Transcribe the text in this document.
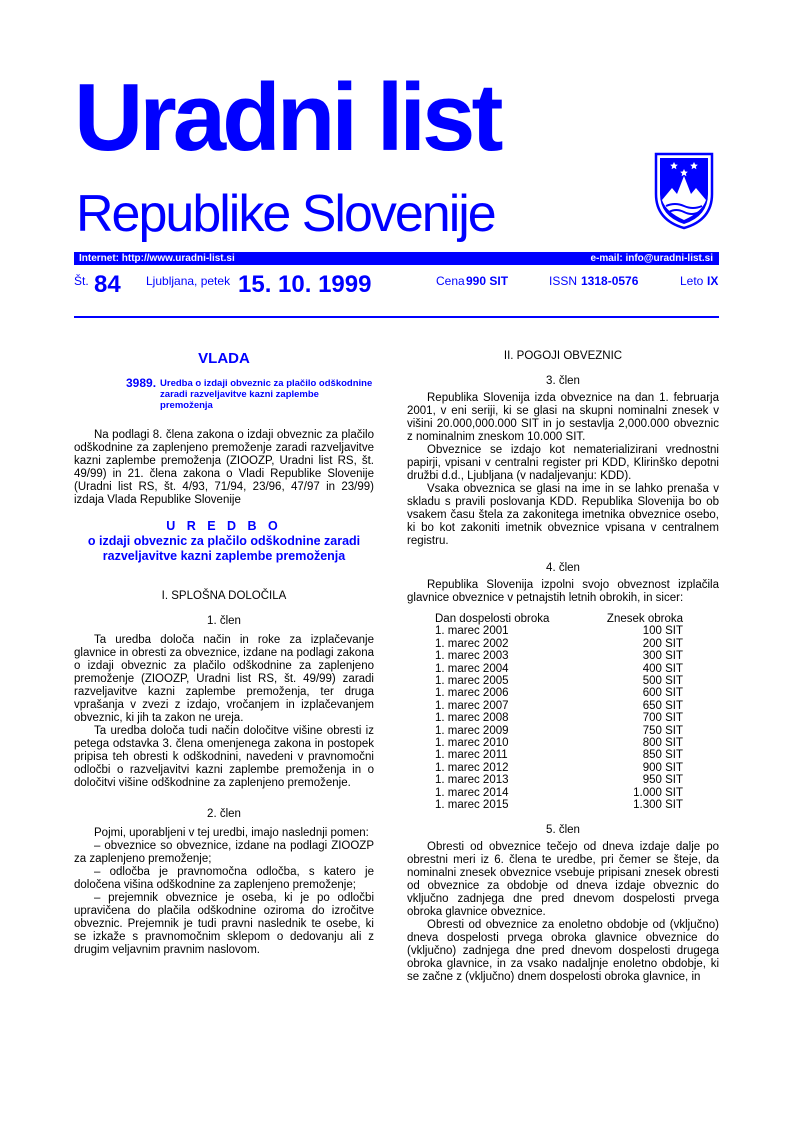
Uradni list
Republike Slovenije
Internet: http://www.uradni-list.si	e-mail: info@uradni-list.si
Št. 84 Ljubljana, petek 15. 10. 1999	Cena 990 SIT	ISSN 1318-0576	Leto IX

VLADA

3989. Uredba o izdaji obveznic za plačilo odškodnine zaradi razveljavitve kazni zaplembe premoženja

Na podlagi 8. člena zakona o izdaji obveznic za plačilo odškodnine za zaplenjeno premoženje zaradi razveljavitve kazni zaplembe premoženja (ZIOOZP, Uradni list RS, št. 49/99) in 21. člena zakona o Vladi Republike Slovenije (Uradni list RS, št. 4/93, 71/94, 23/96, 47/97 in 23/99) izdaja Vlada Republike Slovenije

U R E D B O

o izdaji obveznic za plačilo odškodnine zaradi razveljavitve kazni zaplembe premoženja

I. SPLOŠNA DOLOČILA

1. člen

Ta uredba določa način in roke za izplačevanje glavnice in obresti za obveznice, izdane na podlagi zakona o izdaji obveznic za plačilo odškodnine za zaplenjeno premoženje (ZIOOZP, Uradni list RS, št. 49/99) zaradi razveljavitve kazni zaplembe premoženja, ter druga vprašanja v zvezi z izdajo, vročanjem in izplačevanjem obveznic, ki jih ta zakon ne ureja.

Ta uredba določa tudi način določitve višine obresti iz petega odstavka 3. člena omenjenega zakona in postopek pripisa teh obresti k odškodnini, navedeni v pravnomočni odločbi o razveljavitvi kazni zaplembe premoženja in o določitvi višine odškodnine za zaplenjeno premoženje.

2. člen

Pojmi, uporabljeni v tej uredbi, imajo naslednji pomen:

– obveznice so obveznice, izdane na podlagi ZIOOZP za zaplenjeno premoženje;

– odločba je pravnomočna odločba, s katero je določena višina odškodnine za zaplenjeno premoženje;

– prejemnik obveznice je oseba, ki je po odločbi upravičena do plačila odškodnine oziroma do izročitve obveznic. Prejemnik je tudi pravni naslednik te osebe, ki se izkaže s pravnomočnim sklepom o dedovanju ali z drugim veljavnim pravnim naslovom.

II. POGOJI OBVEZNIC

3. člen

Republika Slovenija izda obveznice na dan 1. februarja 2001, v eni seriji, ki se glasi na skupni nominalni znesek v višini 20.000,000.000 SIT in jo sestavlja 2,000.000 obveznic z nominalnim zneskom 10.000 SIT.

Obveznice se izdajo kot nematerializirani vrednostni papirji, vpisani v centralni register pri KDD, Klirinško depotni družbi d.d., Ljubljana (v nadaljevanju: KDD).

Vsaka obveznica se glasi na ime in se lahko prenaša v skladu s pravili poslovanja KDD. Republika Slovenija bo ob vsakem času štela za zakonitega imetnika obveznice osebo, ki bo kot zakoniti imetnik obveznice vpisana v centralnem registru.

4. člen

Republika Slovenija izpolni svojo obveznost izplačila glavnice obveznice v petnajstih letnih obrokih, in sicer:

Dan dospelosti obroka	Znesek obroka
1. marec 2001	100 SIT
1. marec 2002	200 SIT
1. marec 2003	300 SIT
1. marec 2004	400 SIT
1. marec 2005	500 SIT
1. marec 2006	600 SIT
1. marec 2007	650 SIT
1. marec 2008	700 SIT
1. marec 2009	750 SIT
1. marec 2010	800 SIT
1. marec 2011	850 SIT
1. marec 2012	900 SIT
1. marec 2013	950 SIT
1. marec 2014	1.000 SIT
1. marec 2015	1.300 SIT

5. člen

Obresti od obveznice tečejo od dneva izdaje dalje po obrestni meri iz 6. člena te uredbe, pri čemer se šteje, da nominalni znesek obveznice vsebuje pripisani znesek obresti od obveznice za obdobje od dneva izdaje obveznic do vključno zadnjega dne pred dnevom dospelosti prvega obroka glavnice obveznice.

Obresti od obveznice za enoletno obdobje od (vključno) dneva dospelosti prvega obroka glavnice obveznice do (vključno) zadnjega dne pred dnevom dospelosti drugega obroka glavnice, in za vsako nadaljnje enoletno obdobje, ki se začne z (vključno) dnem dospelosti obroka glavnice, in
